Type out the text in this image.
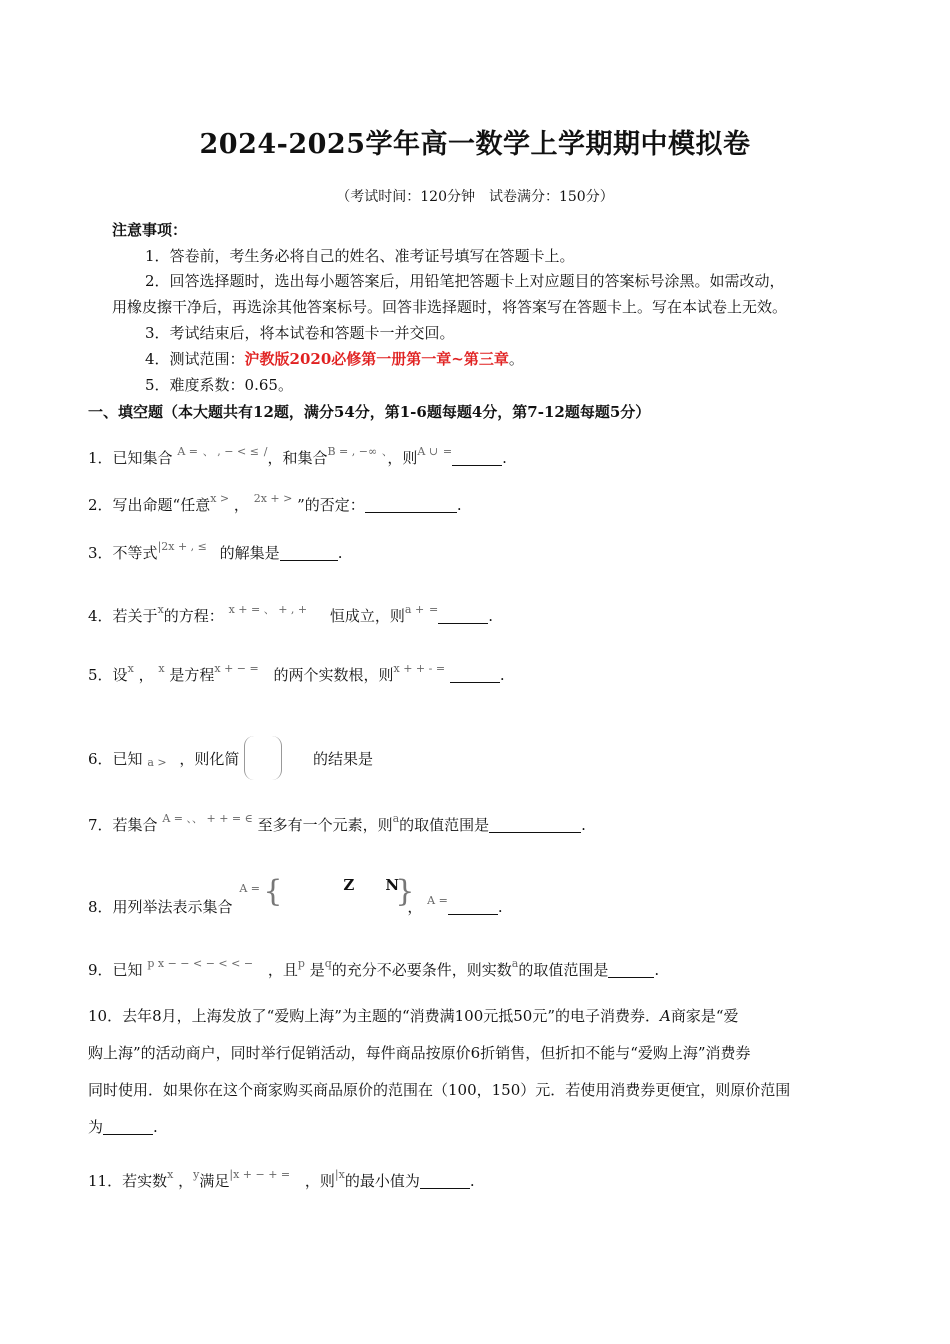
2024-2025学年高一数学上学期期中模拟卷
（考试时间：120分钟　试卷满分：150分）
注意事项：
1．答卷前，考生务必将自己的姓名、准考证号填写在答题卡上。
2．回答选择题时，选出每小题答案后，用铅笔把答题卡上对应题目的答案标号涂黑。如需改动，
用橡皮擦干净后，再选涂其他答案标号。回答非选择题时，将答案写在答题卡上。写在本试卷上无效。
3．考试结束后，将本试卷和答题卡一并交回。
4．测试范围：沪教版2020必修第一册第一章~第三章。
5．难度系数：0.65。
一、填空题（本大题共有12题，满分54分，第1-6题每题4分，第7-12题每题5分）
1．已知集合 $^{A =}$ 、 , − < ≤ /，和集合$^{B = , -\infty}$ 、，则$^{A \cup}$ =	.
2．写出命题“任意$^{x >}$ ， $^{2x + >}$ ”的否定：	.
3．不等式$^{|2x + , \le}$ 的解集是	.
4．若关于$^x$的方程： $^{x + = 、 + , +}$ 恒成立，则$^{a +}$ =	.
5．设$^x$ ， $^x$ 是方程$^{x + - =}$ 的两个实数根，则$^{x + + - =}$	.
6．已知 a > ，则化简	的结果是
7．若集合 $^{A = 、、 + + = \in}$ 至多有一个元素，则$^a$的取值范围是	.
8．用列举法表示集合
A = {	Z N
}
， $^{A =}$	.
9．已知 $^{p x - - < - < < -}$ ，且$^p$ 是$^q$的充分不必要条件，则实数$^a$的取值范围是	.
10．去年8月，上海发放了“爱购上海”为主题的“消费满100元抵50元”的电子消费券．A商家是“爱
购上海”的活动商户，同时举行促销活动，每件商品按原价6折销售，但折扣不能与“爱购上海”消费券
同时使用．如果你在这个商家购买商品原价的范围在（100，150）元．若使用消费券更便宜，则原价范围
为	.
11．若实数$^x$ ，$^y$满足$^{|x + - + =}$ ，则$^{|x}$的最小值为	.
